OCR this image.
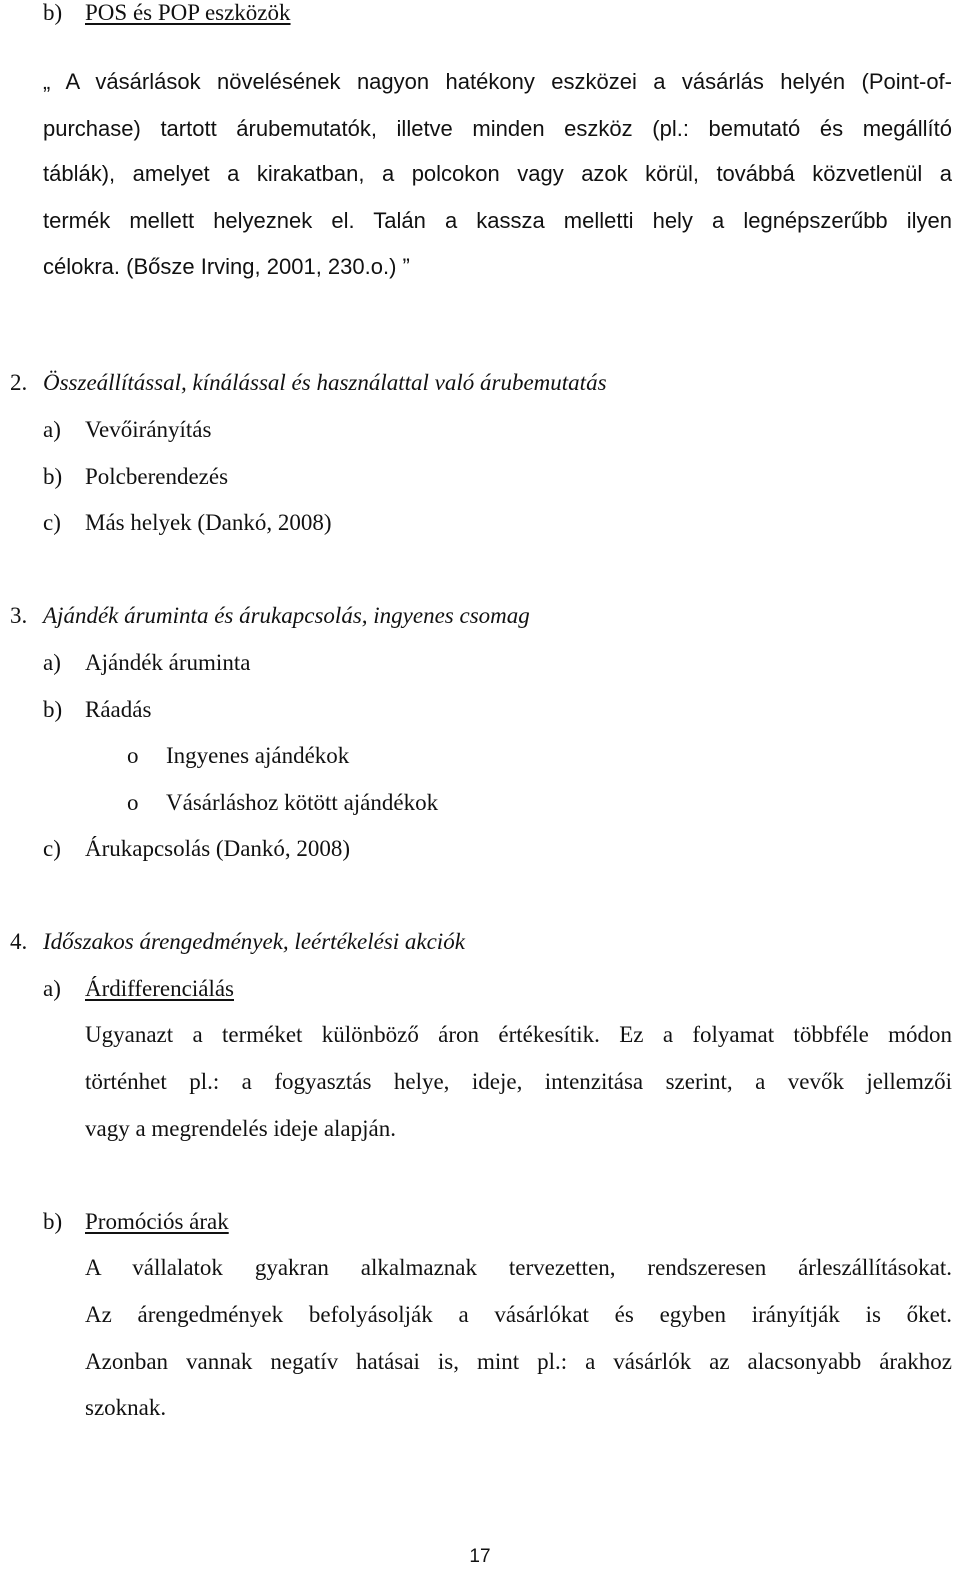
b) POS és POP eszközök
„ A vásárlások növelésének nagyon hatékony eszközei a vásárlás helyén (Point-of-
purchase) tartott árubemutatók, illetve minden eszköz (pl.: bemutató és megállító
táblák), amelyet a kirakatban, a polcokon vagy azok körül, továbbá közvetlenül a
termék mellett helyeznek el. Talán a kassza melletti hely a legnépszerűbb ilyen
célokra. (Bősze Irving, 2001, 230.o.) ”
2. Összeállítással, kínálással és használattal való árubemutatás
a) Vevőirányítás
b) Polcberendezés
c) Más helyek (Dankó, 2008)
3. Ajándék áruminta és árukapcsolás, ingyenes csomag
a) Ajándék áruminta
b) Ráadás
o Ingyenes ajándékok
o Vásárláshoz kötött ajándékok
c) Árukapcsolás (Dankó, 2008)
4. Időszakos árengedmények, leértékelési akciók
a) Árdifferenciálás
Ugyanazt a terméket különböző áron értékesítik. Ez a folyamat többféle módon
történhet pl.: a fogyasztás helye, ideje, intenzitása szerint, a vevők jellemzői
vagy a megrendelés ideje alapján.
b) Promóciós árak
A vállalatok gyakran alkalmaznak tervezetten, rendszeresen árleszállításokat.
Az árengedmények befolyásolják a vásárlókat és egyben irányítják is őket.
Azonban vannak negatív hatásai is, mint pl.: a vásárlók az alacsonyabb árakhoz
szoknak.
17
